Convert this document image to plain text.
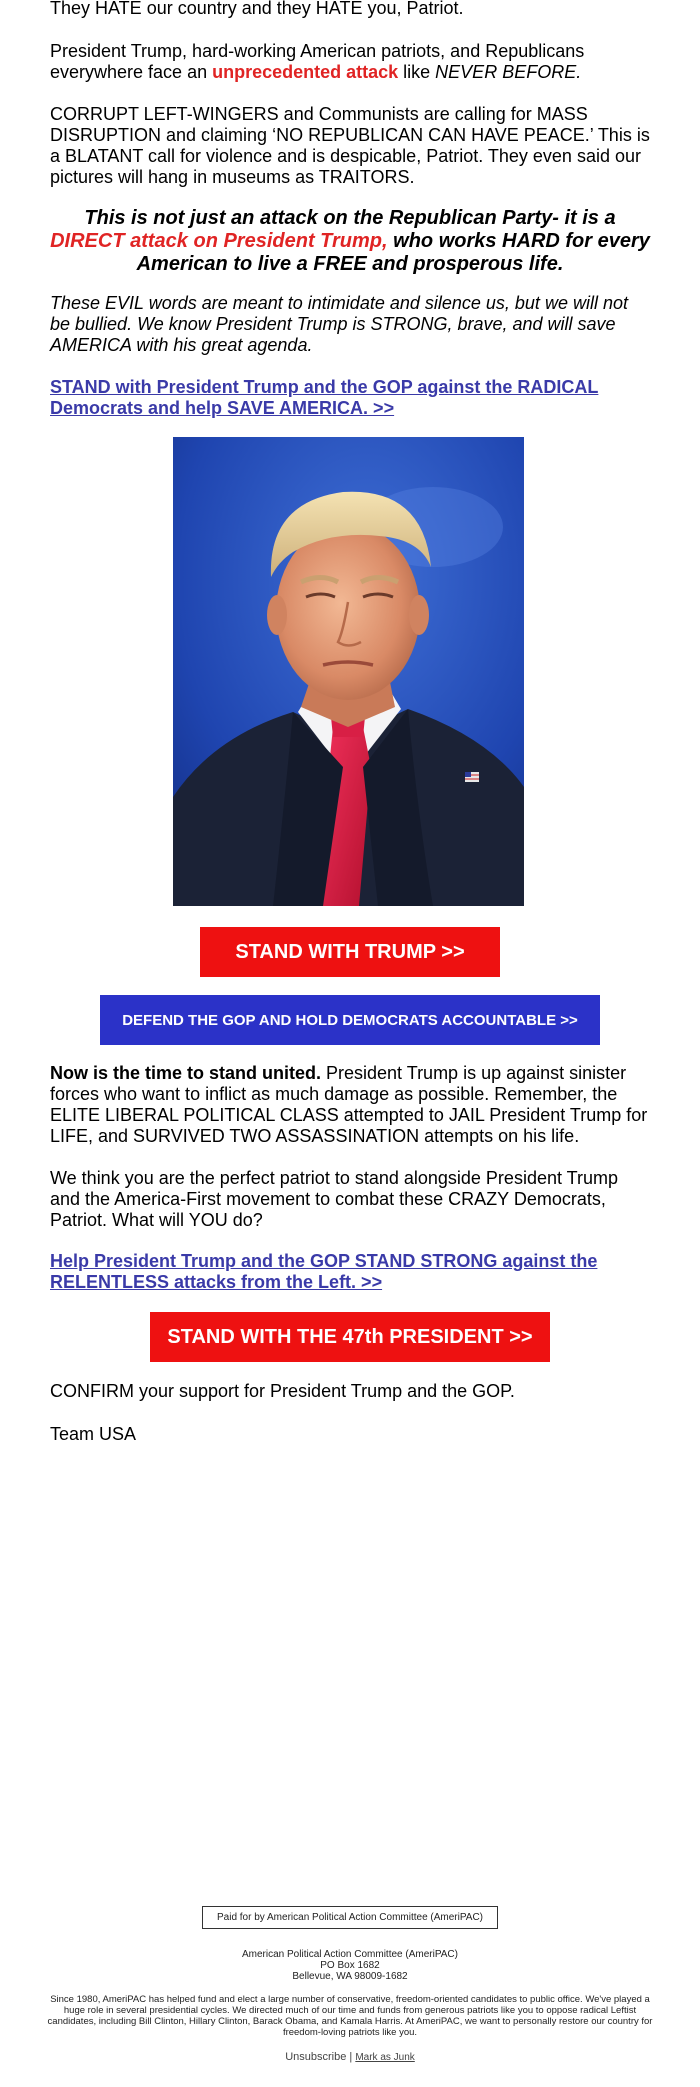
They HATE our country and they HATE you, Patriot.

President Trump, hard-working American patriots, and Republicans everywhere face an unprecedented attack like NEVER BEFORE.

CORRUPT LEFT-WINGERS and Communists are calling for MASS DISRUPTION and claiming ‘NO REPUBLICAN CAN HAVE PEACE.’ This is a BLATANT call for violence and is despicable, Patriot. They even said our pictures will hang in museums as TRAITORS.

This is not just an attack on the Republican Party- it is a DIRECT attack on President Trump, who works HARD for every American to live a FREE and prosperous life.

These EVIL words are meant to intimidate and silence us, but we will not be bullied. We know President Trump is STRONG, brave, and will save AMERICA with his great agenda.

STAND with President Trump and the GOP against the RADICAL Democrats and help SAVE AMERICA. >>

STAND WITH TRUMP >>
DEFEND THE GOP AND HOLD DEMOCRATS ACCOUNTABLE >>

Now is the time to stand united. President Trump is up against sinister forces who want to inflict as much damage as possible. Remember, the ELITE LIBERAL POLITICAL CLASS attempted to JAIL President Trump for LIFE, and SURVIVED TWO ASSASSINATION attempts on his life.

We think you are the perfect patriot to stand alongside President Trump and the America-First movement to combat these CRAZY Democrats, Patriot. What will YOU do?

Help President Trump and the GOP STAND STRONG against the RELENTLESS attacks from the Left. >>

CONFIRM your support for President Trump and the GOP.

Team USA

STAND WITH THE 47th PRESIDENT >>
Paid for by American Political Action Committee (AmeriPAC)
American Political Action Committee (AmeriPAC)
PO Box 1682
Bellevue, WA 98009-1682
Since 1980, AmeriPAC has helped fund and elect a large number of conservative, freedom-oriented candidates to public office. We've played a huge role in several presidential cycles. We directed much of our time and funds from generous patriots like you to oppose radical Leftist candidates, including Bill Clinton, Hillary Clinton, Barack Obama, and Kamala Harris. At AmeriPAC, we want to personally restore our country for freedom-loving patriots like you.
Unsubscribe | Mark as Junk
